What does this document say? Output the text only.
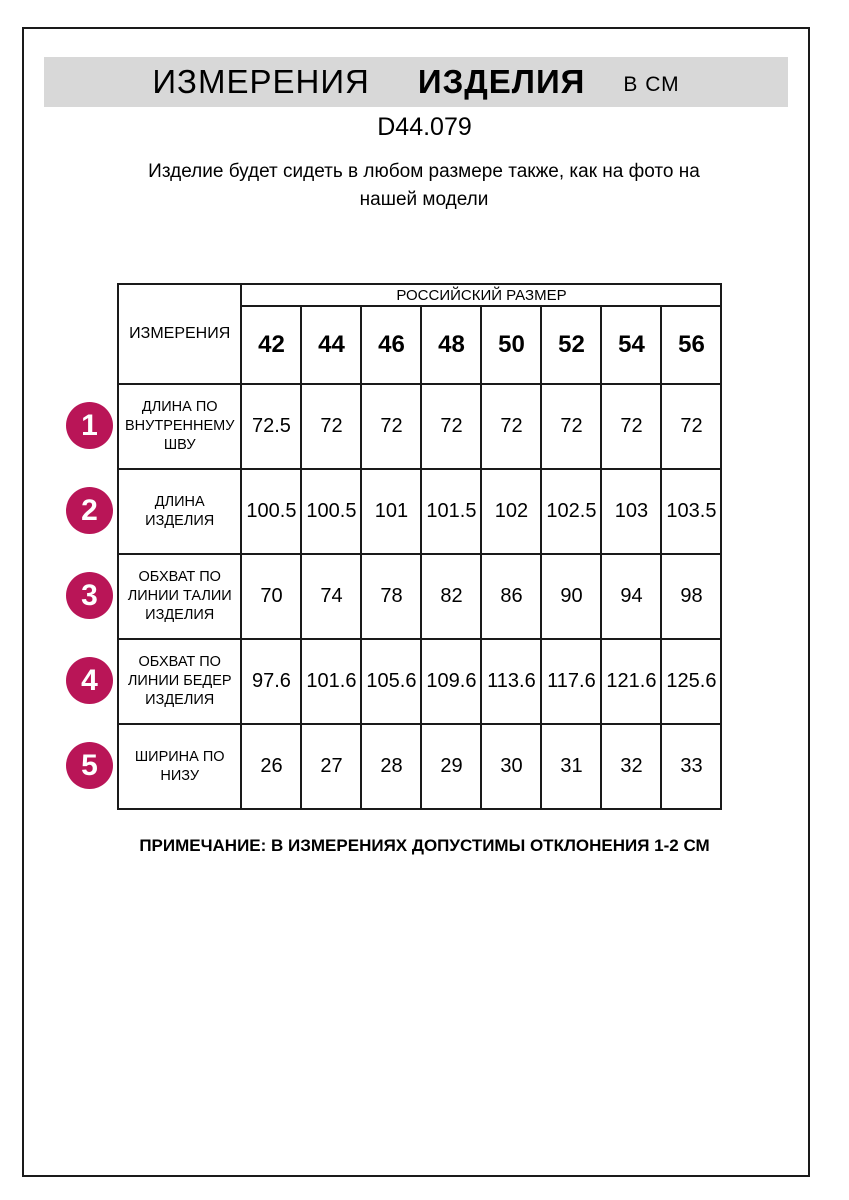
ИЗМЕРЕНИЯ ИЗДЕЛИЯ В СМ
D44.079
Изделие будет сидеть в любом размере также, как на фото на нашей модели
ИЗМЕРЕНИЯ	РОССИЙСКИЙ РАЗМЕР							
	42	44	46	48	50	52	54	56
ДЛИНА ПО ВНУТРЕННЕМУ ШВУ	72.5	72	72	72	72	72	72	72
ДЛИНА ИЗДЕЛИЯ	100.5	100.5	101	101.5	102	102.5	103	103.5
ОБХВАТ ПО ЛИНИИ ТАЛИИ ИЗДЕЛИЯ	70	74	78	82	86	90	94	98
ОБХВАТ ПО ЛИНИИ БЕДЕР ИЗДЕЛИЯ	97.6	101.6	105.6	109.6	113.6	117.6	121.6	125.6
ШИРИНА ПО НИЗУ	26	27	28	29	30	31	32	33
1
2
3
4
5
ПРИМЕЧАНИЕ: В ИЗМЕРЕНИЯХ ДОПУСТИМЫ ОТКЛОНЕНИЯ 1-2 СМ
